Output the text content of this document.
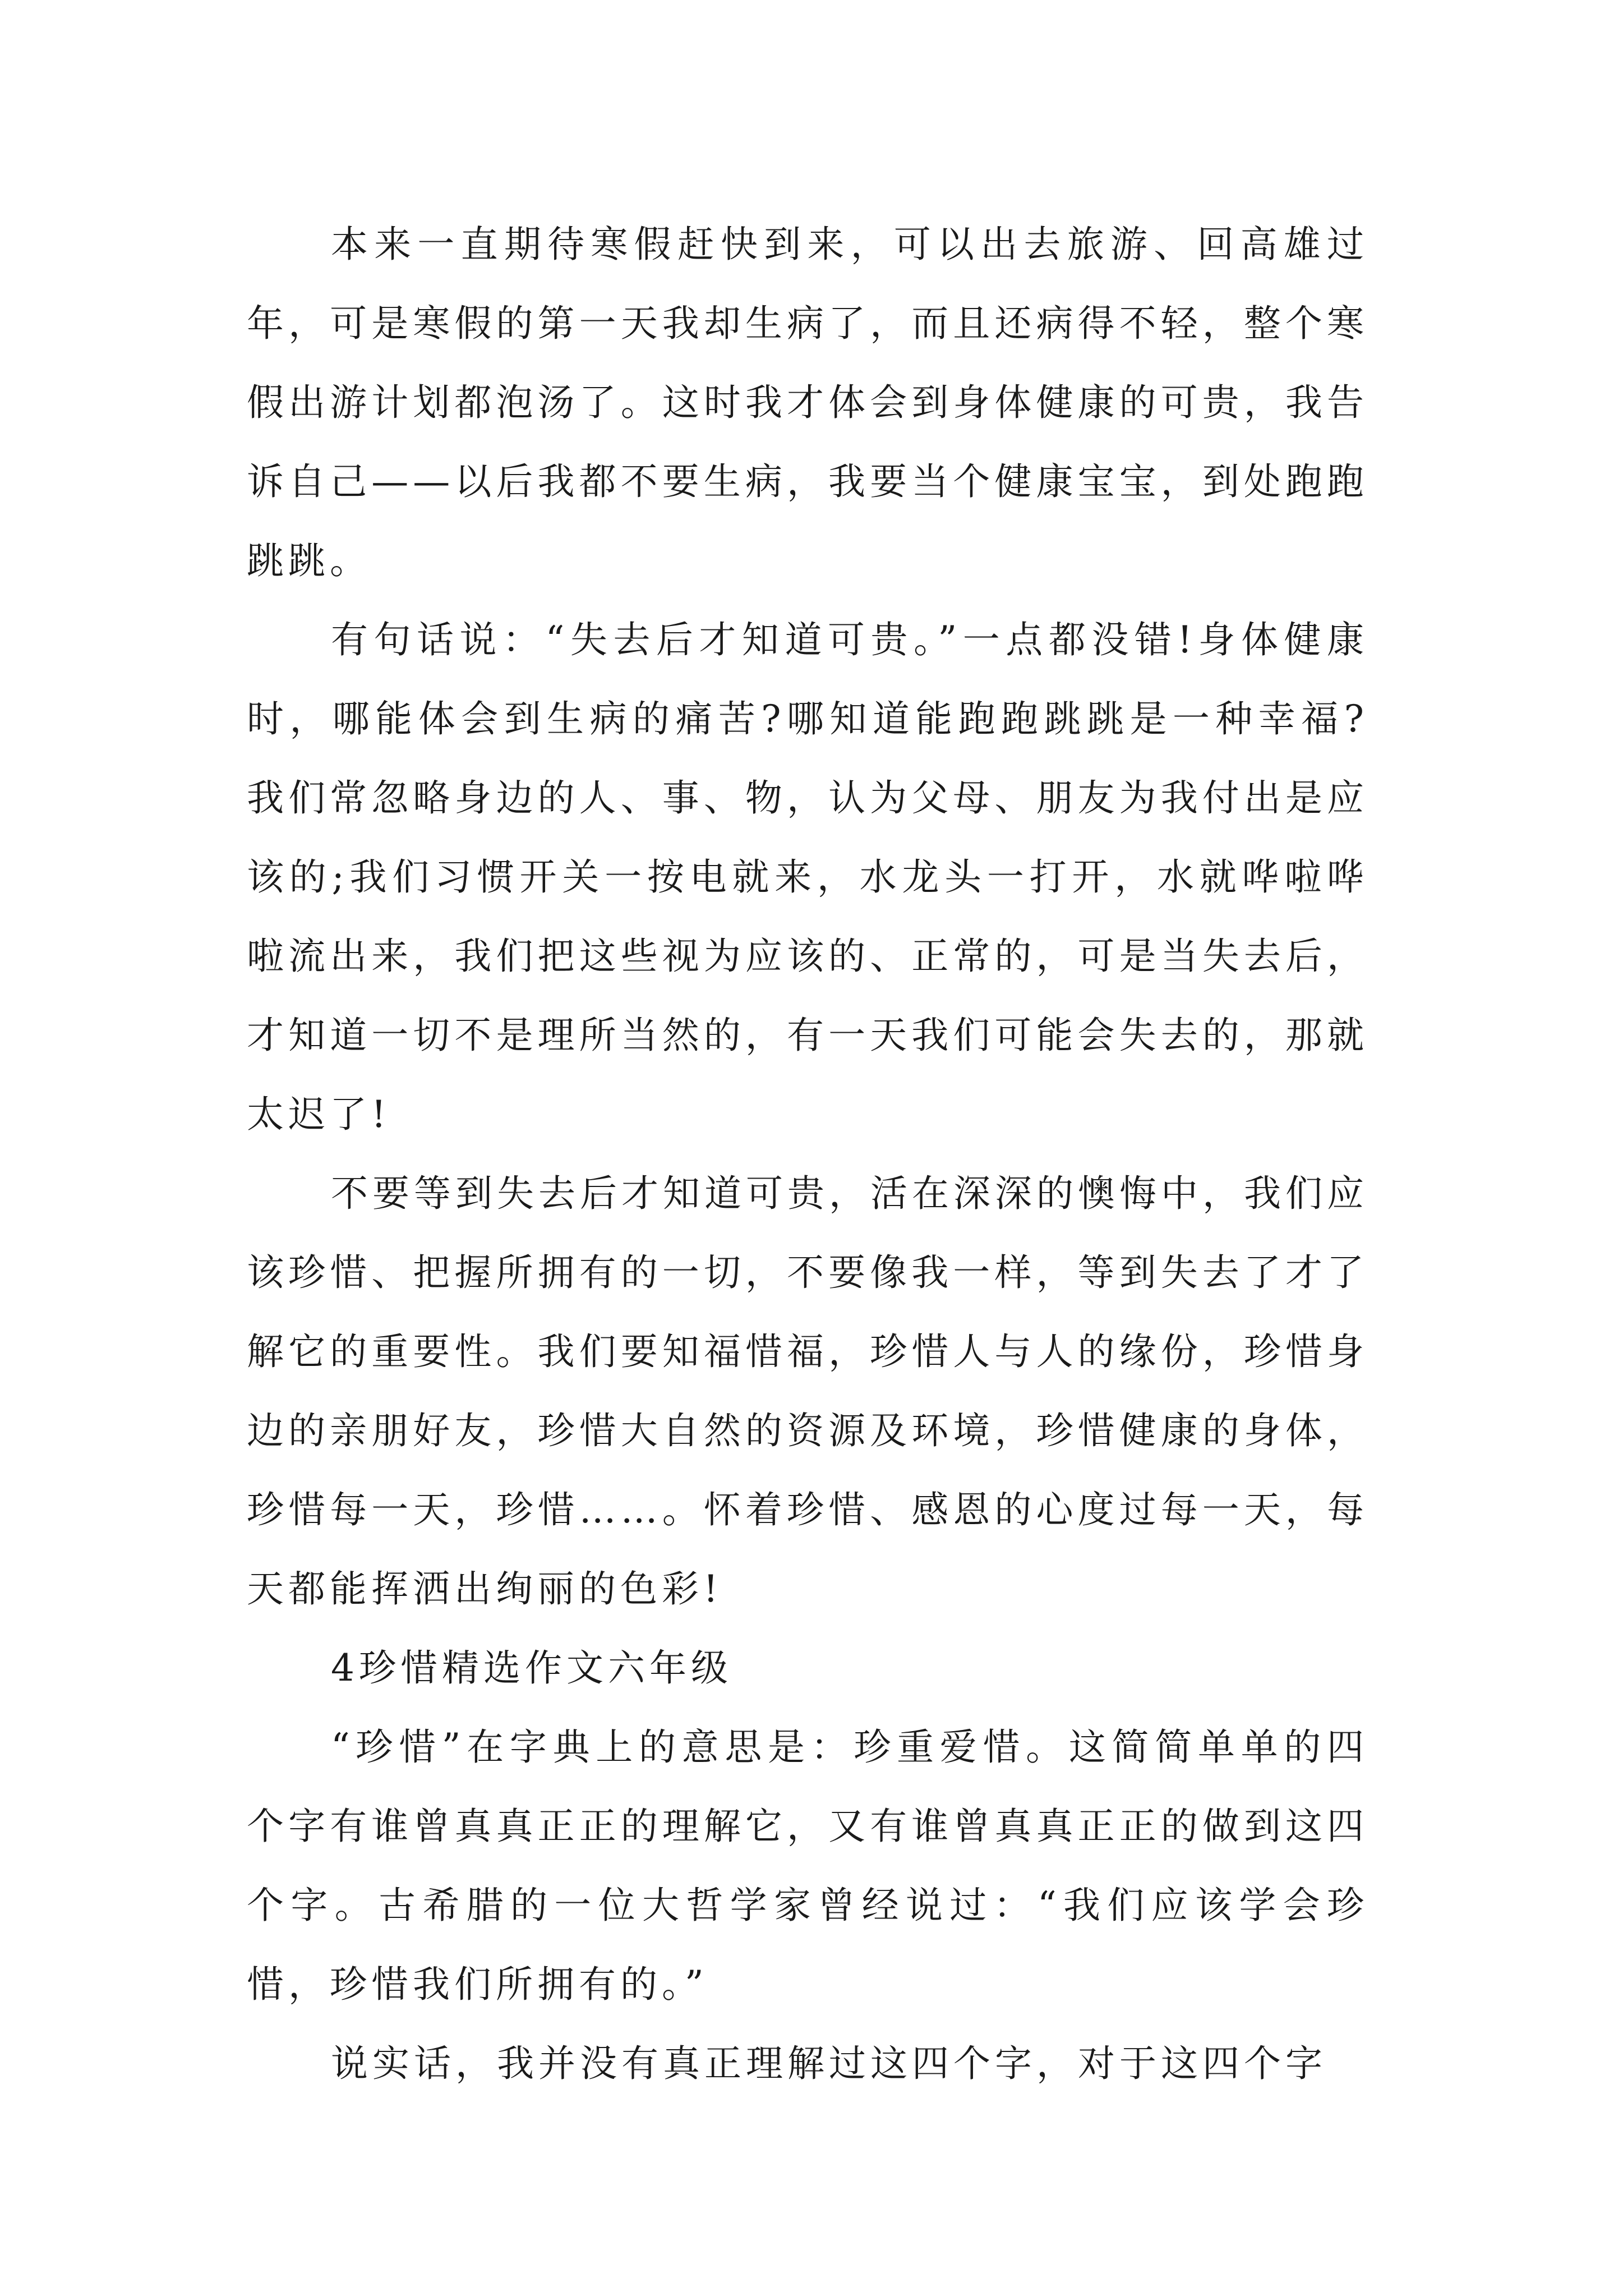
本来一直期待寒假赶快到来，可以出去旅游、回高雄过年，可是寒假的第一天我却生病了，而且还病得不轻，整个寒假出游计划都泡汤了。这时我才体会到身体健康的可贵，我告诉自己——以后我都不要生病，我要当个健康宝宝，到处跑跑跳跳。

有句话说：“失去后才知道可贵。”一点都没错!身体健康时，哪能体会到生病的痛苦?哪知道能跑跑跳跳是一种幸福?我们常忽略身边的人、事、物，认为父母、朋友为我付出是应该的;我们习惯开关一按电就来，水龙头一打开，水就哗啦哗啦流出来，我们把这些视为应该的、正常的，可是当失去后，才知道一切不是理所当然的，有一天我们可能会失去的，那就太迟了!

不要等到失去后才知道可贵，活在深深的懊悔中，我们应该珍惜、把握所拥有的一切，不要像我一样，等到失去了才了解它的重要性。我们要知福惜福，珍惜人与人的缘份，珍惜身边的亲朋好友，珍惜大自然的资源及环境，珍惜健康的身体，珍惜每一天，珍惜……。怀着珍惜、感恩的心度过每一天，每天都能挥洒出绚丽的色彩!

4珍惜精选作文六年级

“珍惜”在字典上的意思是：珍重爱惜。这简简单单的四个字有谁曾真真正正的理解它，又有谁曾真真正正的做到这四个字。古希腊的一位大哲学家曾经说过：“我们应该学会珍惜，珍惜我们所拥有的。”

说实话，我并没有真正理解过这四个字，对于这四个字
